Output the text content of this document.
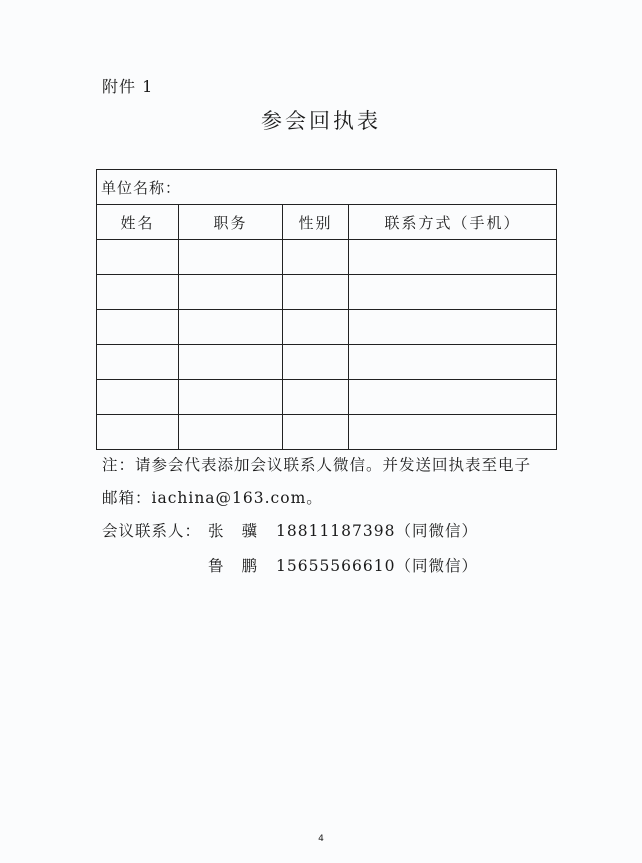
附件 1
参会回执表
单位名称：			
姓名	职务	性别	联系方式（手机）

注：请参会代表添加会议联系人微信。并发送回执表至电子
邮箱：iachina@163.com。
会议联系人： 张骥 18811187398（同微信）
鲁鹏 15655566610（同微信）
4
